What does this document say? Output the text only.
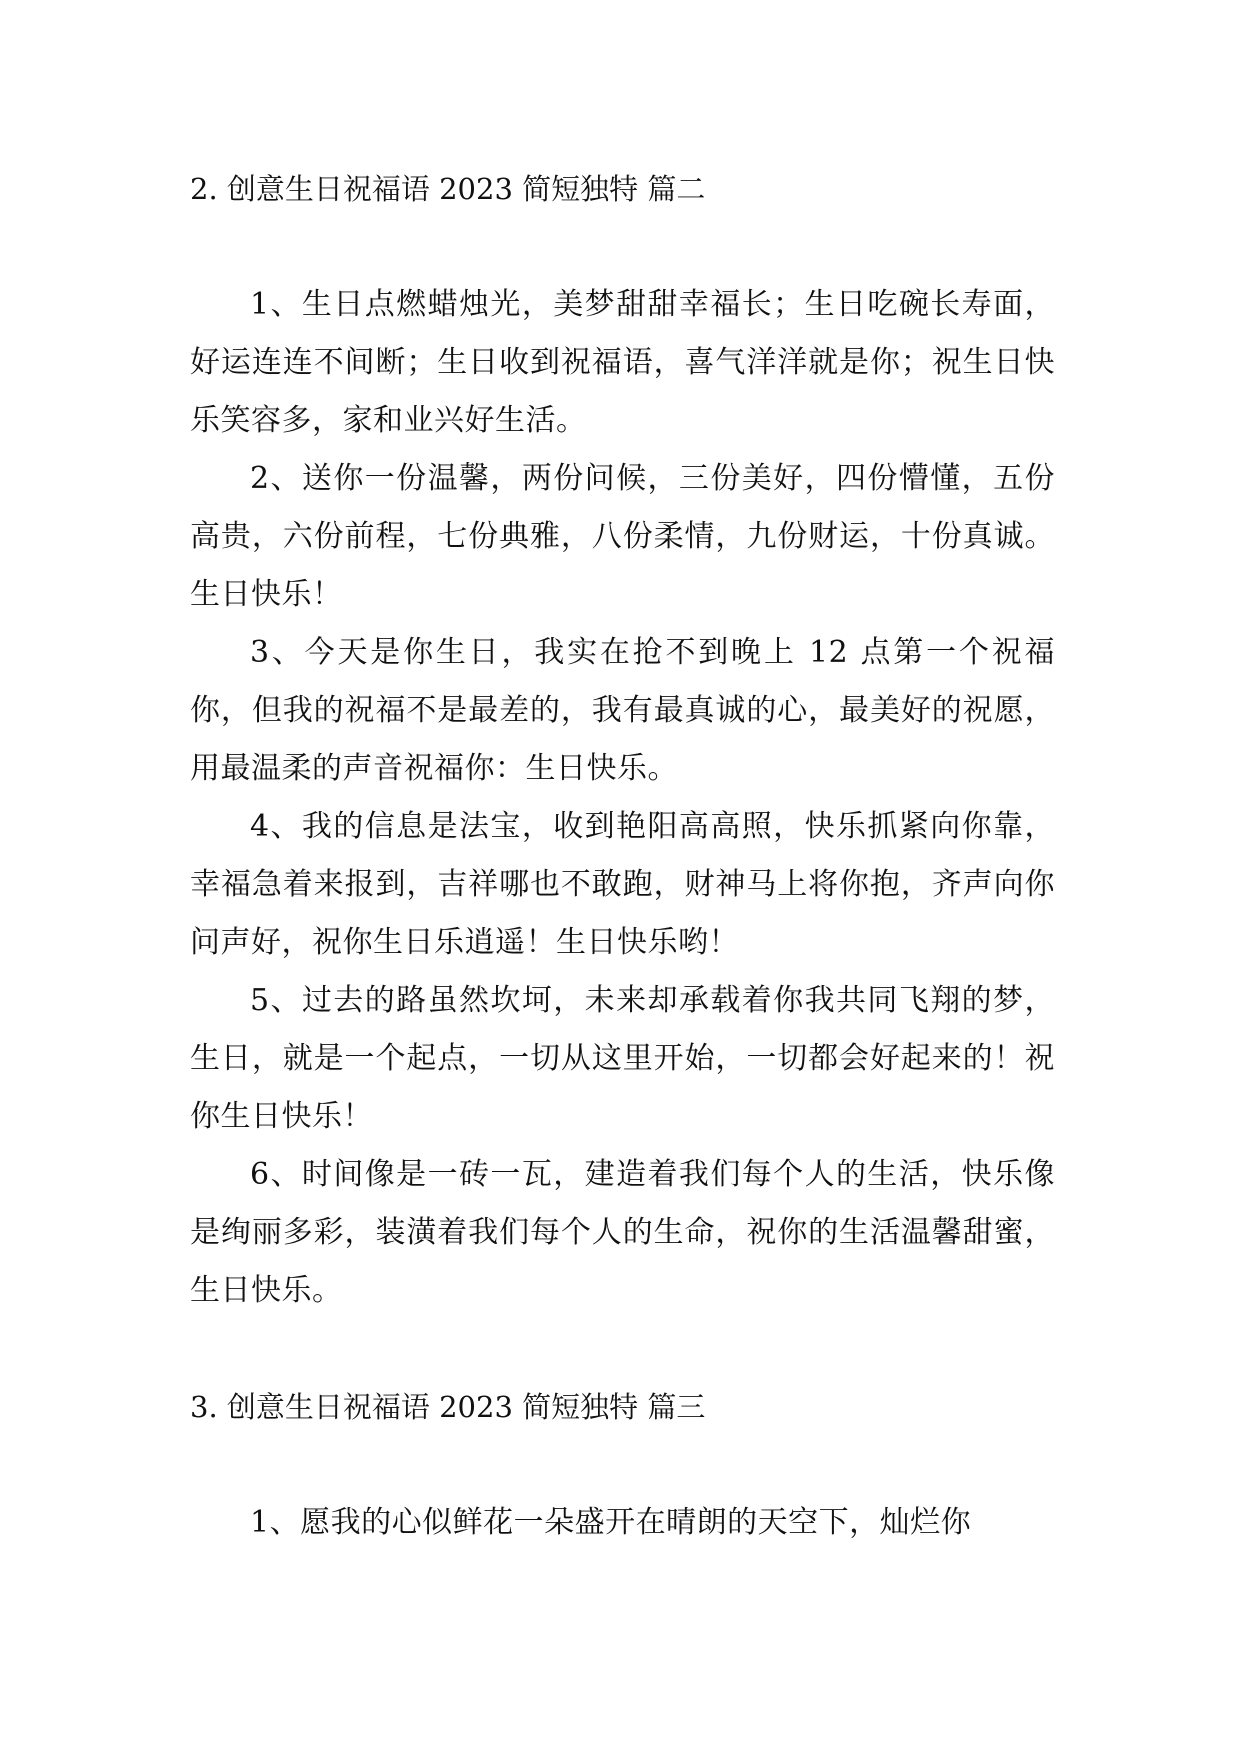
2. 创意生日祝福语 2023 简短独特 篇二

1、生日点燃蜡烛光，美梦甜甜幸福长；生日吃碗长寿面，好运连连不间断；生日收到祝福语，喜气洋洋就是你；祝生日快乐笑容多，家和业兴好生活。

2、送你一份温馨，两份问候，三份美好，四份懵懂，五份高贵，六份前程，七份典雅，八份柔情，九份财运，十份真诚。生日快乐！

3、今天是你生日，我实在抢不到晚上 12 点第一个祝福你，但我的祝福不是最差的，我有最真诚的心，最美好的祝愿，用最温柔的声音祝福你：生日快乐。

4、我的信息是法宝，收到艳阳高高照，快乐抓紧向你靠，幸福急着来报到，吉祥哪也不敢跑，财神马上将你抱，齐声向你问声好，祝你生日乐逍遥！生日快乐哟！

5、过去的路虽然坎坷，未来却承载着你我共同飞翔的梦，生日，就是一个起点，一切从这里开始，一切都会好起来的！祝你生日快乐！

6、时间像是一砖一瓦，建造着我们每个人的生活，快乐像是绚丽多彩，装潢着我们每个人的生命，祝你的生活温馨甜蜜，生日快乐。

3. 创意生日祝福语 2023 简短独特 篇三

1、愿我的心似鲜花一朵盛开在晴朗的天空下，灿烂你
